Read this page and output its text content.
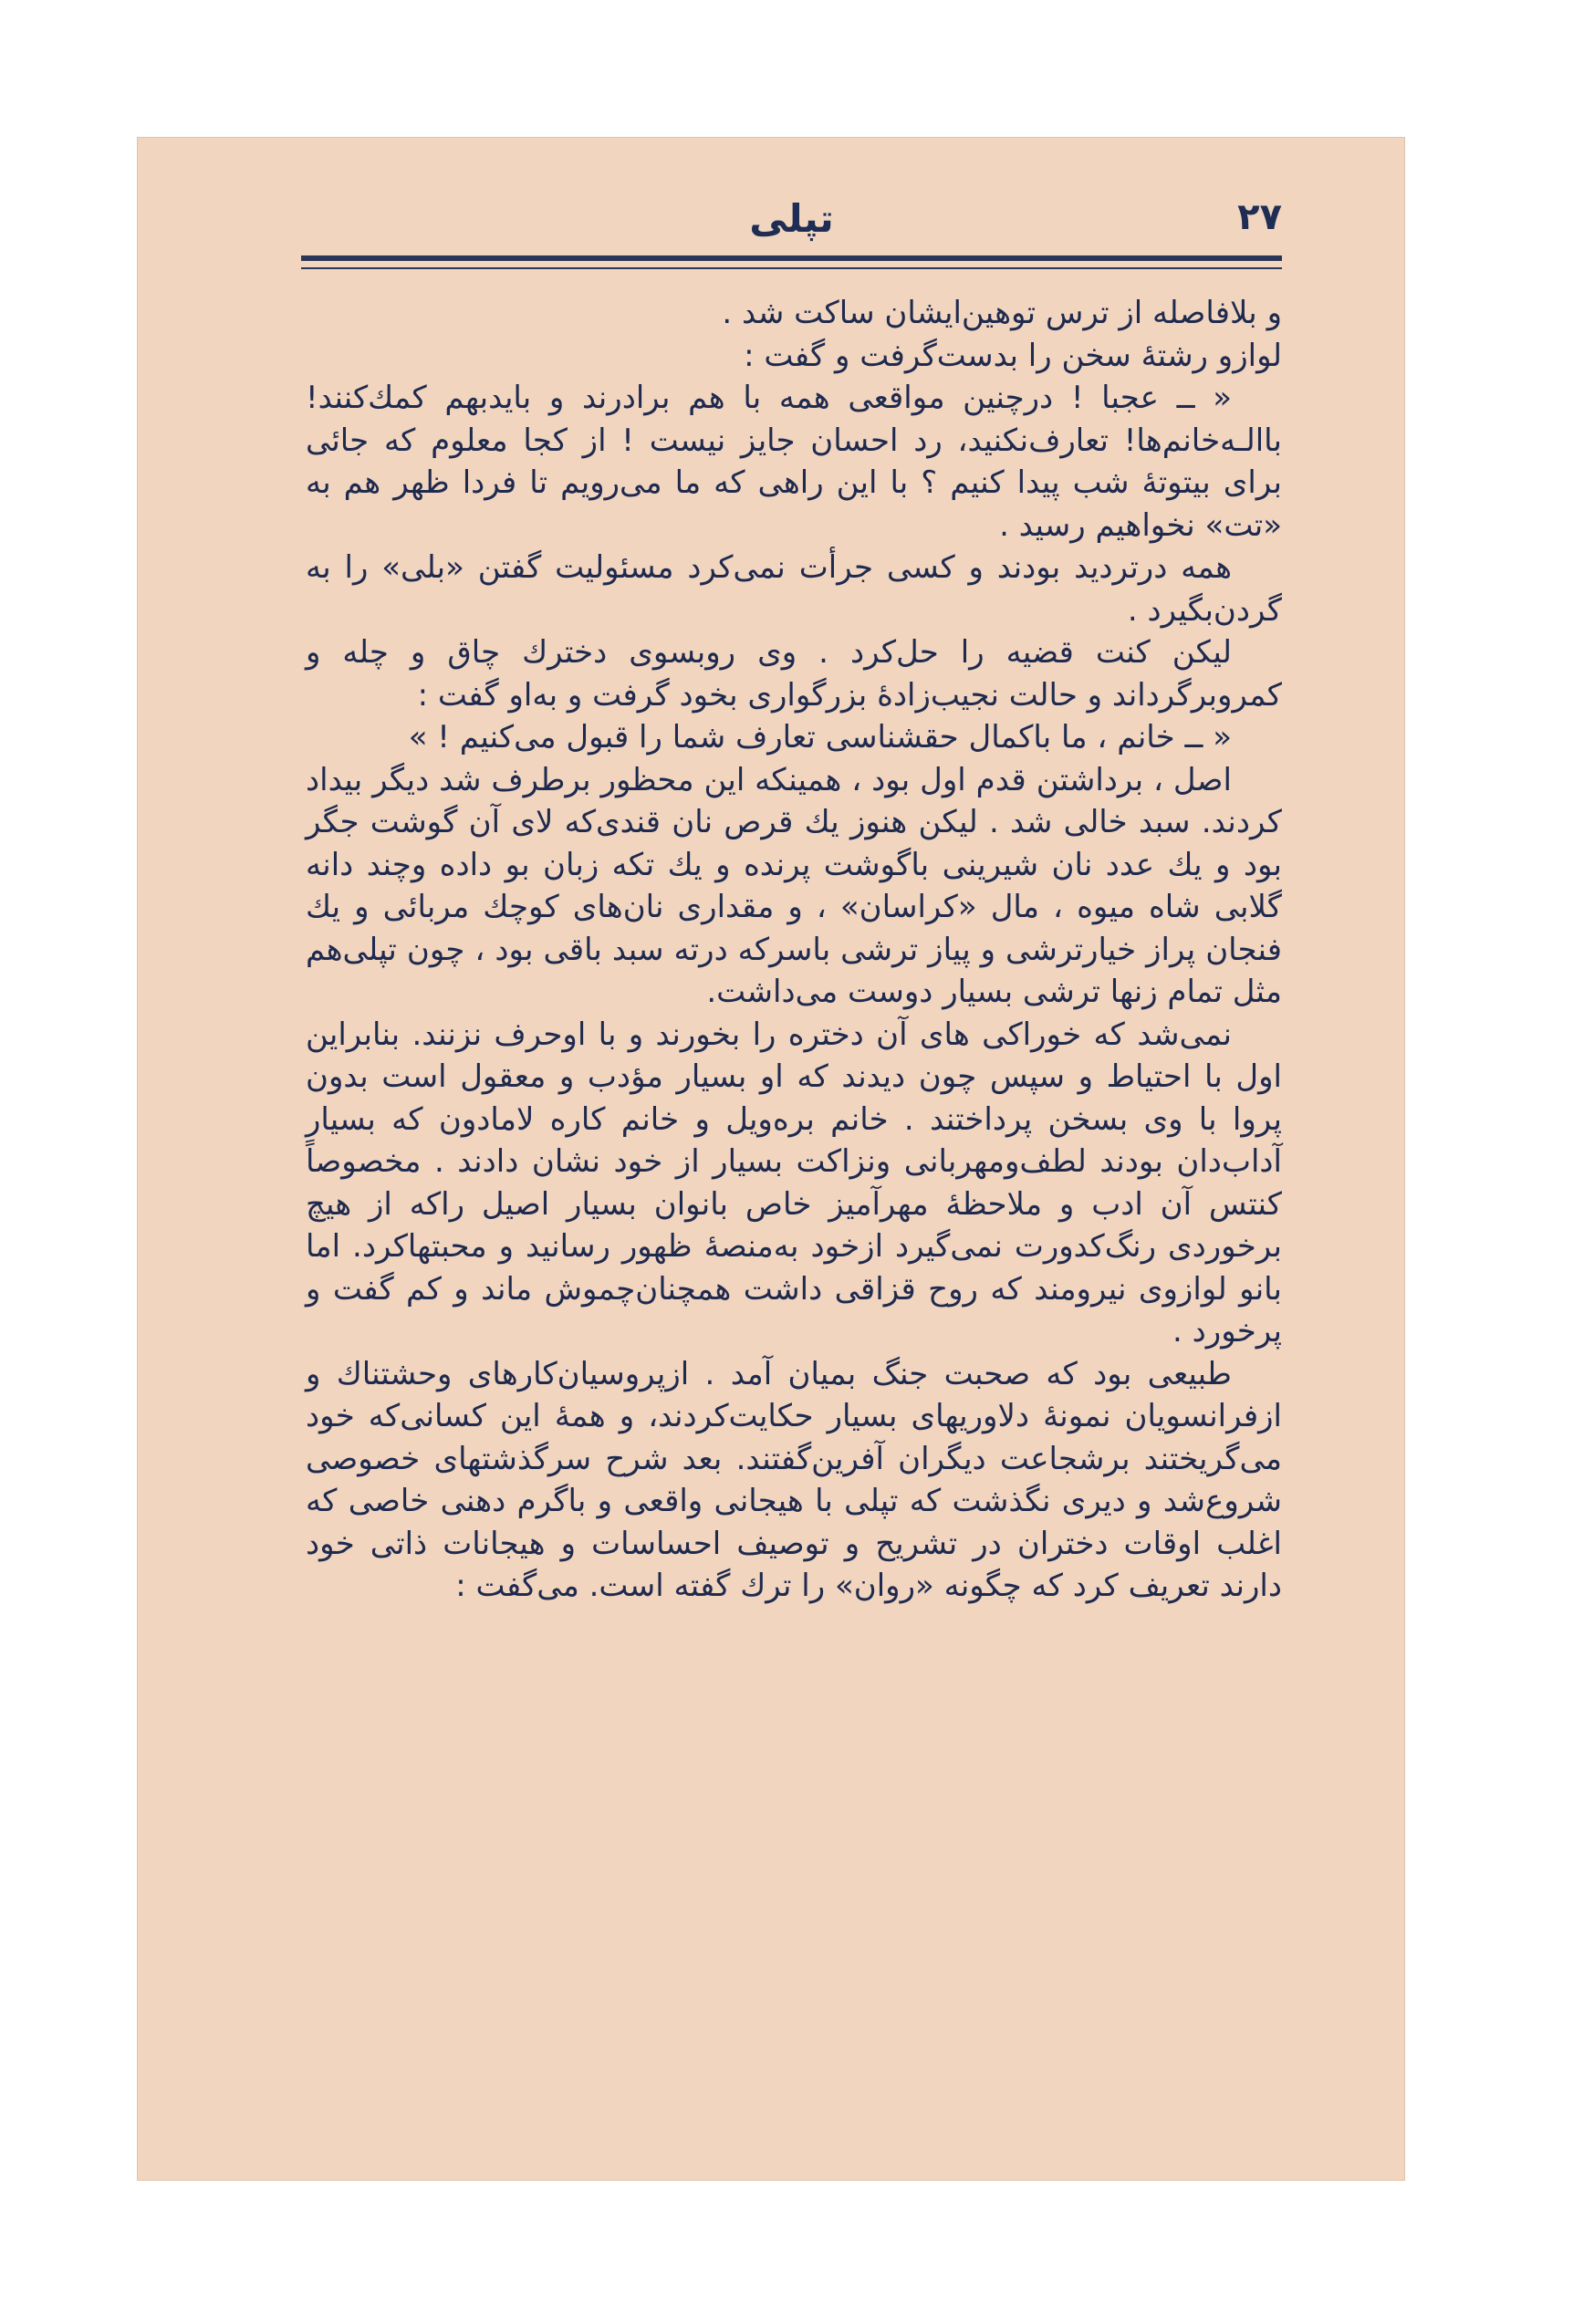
تپلی	۲۷

و بلافاصله از ترس توهین‌ایشان ساکت شد .

لوازو رشتهٔ سخن را بدست‌گرفت و گفت :

« ــ عجبا ! درچنین مواقعی همه با هم برادرند و بایدبهم کمك‌کنند!باالـه‌خانم‌ها! تعارف‌نکنید، رد احسان جایز نیست ! از کجا معلوم که جائی برای بیتوتهٔ شب پیدا کنیم ؟ با این راهی که ما می‌رویم تا فردا ظهر هم به «تت» نخواهیم رسید .

همه درتردید بودند و کسی جرأت نمی‌کرد مسئولیت گفتن «بلی» را به گردن‌بگیرد .

لیکن کنت قضیه را حل‌کرد . وی روبسوی دخترك چاق و چله و کمروبرگرداند و حالت نجیب‌زادهٔ بزرگواری بخود گرفت و به‌او گفت :

« ــ خانم ، ما باکمال حقشناسی تعارف شما را قبول می‌کنیم ! »

اصل ، برداشتن قدم اول بود ، همینکه این محظور برطرف شد دیگر بیداد کردند. سبد خالی شد . لیکن هنوز یك قرص نان قندی‌که لای آن گوشت جگر بود و یك عدد نان شیرینی باگوشت پرنده و یك تکه زبان بو داده وچند دانه گلابی شاه میوه ، مال «کراسان» ، و مقداری نان‌های کوچك مربائی و یك فنجان پراز خیارترشی و پیاز ترشی باسرکه درته سبد باقی بود ، چون تپلی‌هم مثل تمام زنها ترشی بسیار دوست می‌داشت.

نمی‌شد که خوراکی های آن دختره را بخورند و با اوحرف نزنند. بنابراین اول با احتیاط و سپس چون دیدند که او بسیار مؤدب و معقول است بدون پروا با وی بسخن پرداختند . خانم بره‌ویل و خانم کاره لامادون که بسیار آداب‌دان بودند لطف‌ومهربانی ونزاکت بسیار از خود نشان دادند . مخصوصاً کنتس آن ادب و ملاحظهٔ مهرآمیز خاص بانوان بسیار اصیل راکه از هیچ برخوردی رنگ‌کدورت نمی‌گیرد ازخود به‌منصهٔ ظهور رسانید و محبتهاکرد. اما بانو لوازوی نیرومند که روح قزاقی داشت همچنان‌چموش ماند و کم گفت و پرخورد .

طبیعی بود که صحبت جنگ بمیان آمد . ازپروسیان‌کارهای وحشتناك و ازفرانسویان نمونهٔ دلاوریهای بسیار حکایت‌کردند، و همهٔ این کسانی‌که خود می‌گریختند برشجاعت دیگران آفرین‌گفتند. بعد شرح سرگذشتهای خصوصی شروع‌شد و دیری نگذشت که تپلی با هیجانی واقعی و باگرم دهنی خاصی که اغلب اوقات دختران در تشریح و توصیف احساسات و هیجانات ذاتی خود دارند تعریف کرد که چگونه «روان» را ترك گفته است. می‌گفت :
